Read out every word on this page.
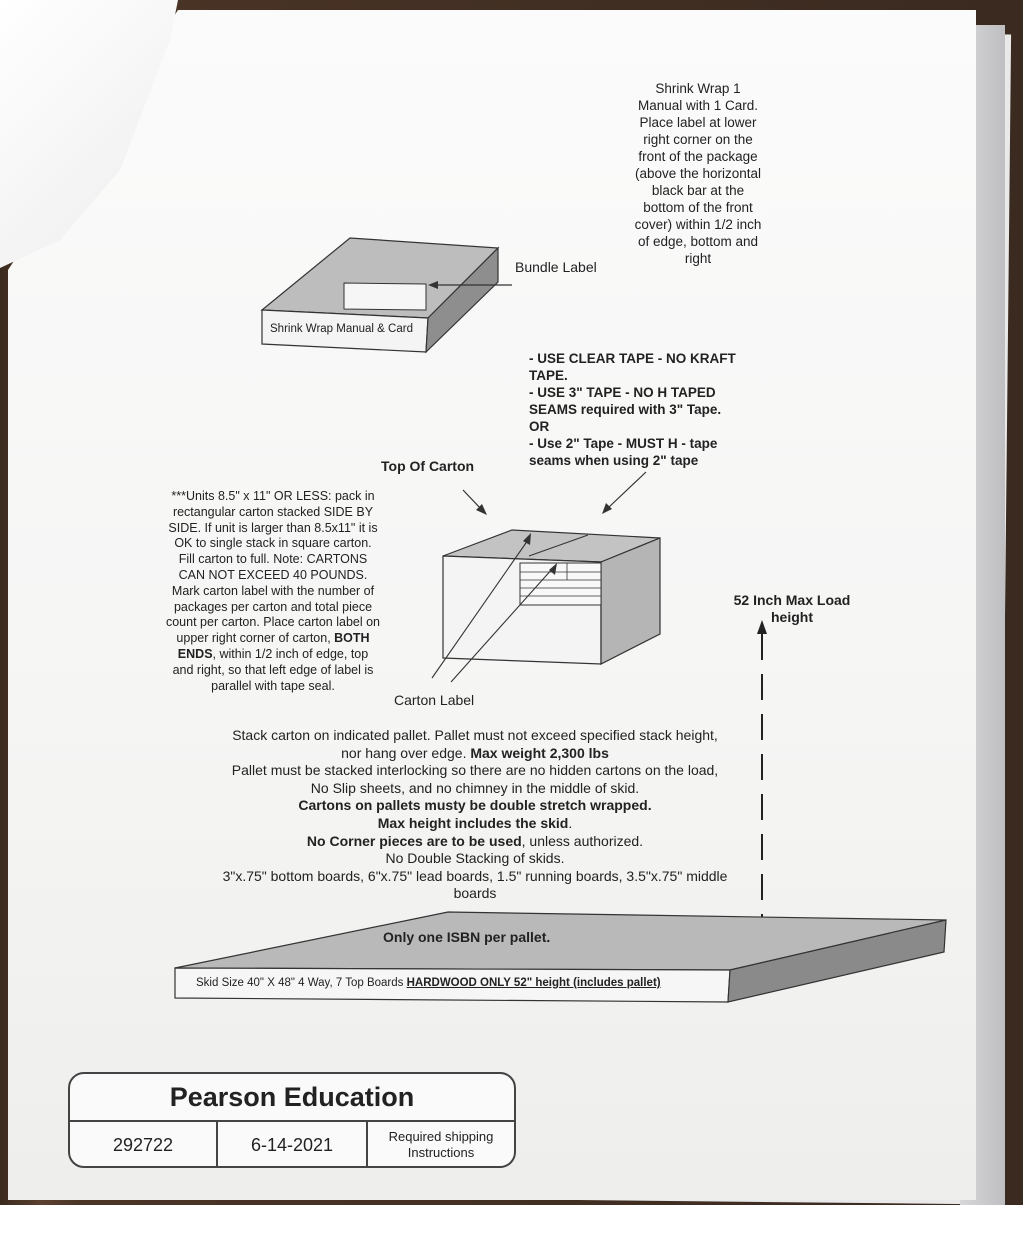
Shrink Wrap 1
Manual with 1 Card.
Place label at lower
right corner on the
front of the package
(above the horizontal
black bar at the
bottom of the front
cover) within 1/2 inch
of edge, bottom and
right
Bundle Label
Shrink Wrap Manual & Card
- USE CLEAR TAPE - NO KRAFT
TAPE.
- USE 3" TAPE - NO H TAPED
SEAMS required with 3" Tape.
OR
- Use 2" Tape - MUST H - tape
seams when using 2" tape
Top Of Carton
***Units 8.5" x 11" OR LESS: pack in
rectangular carton stacked SIDE BY
SIDE. If unit is larger than 8.5x11" it is
OK to single stack in square carton.
Fill carton to full. Note: CARTONS
CAN NOT EXCEED 40 POUNDS.
Mark carton label with the number of
packages per carton and total piece
count per carton. Place carton label on
upper right corner of carton, BOTH
ENDS, within 1/2 inch of edge, top
and right, so that left edge of label is
parallel with tape seal.
Carton Label
52 Inch Max Load
height
Stack carton on indicated pallet. Pallet must not exceed specified stack height,
nor hang over edge. Max weight 2,300 lbs
Pallet must be stacked interlocking so there are no hidden cartons on the load,
No Slip sheets, and no chimney in the middle of skid.
Cartons on pallets musty be double stretch wrapped.
Max height includes the skid.
No Corner pieces are to be used, unless authorized.
No Double Stacking of skids.
3"x.75" bottom boards, 6"x.75" lead boards, 1.5" running boards, 3.5"x.75" middle
boards
Only one ISBN per pallet.
Skid Size 40" X 48" 4 Way, 7 Top Boards HARDWOOD ONLY 52" height (includes pallet)
Pearson Education
292722	6-14-2021	Required shipping
Instructions
